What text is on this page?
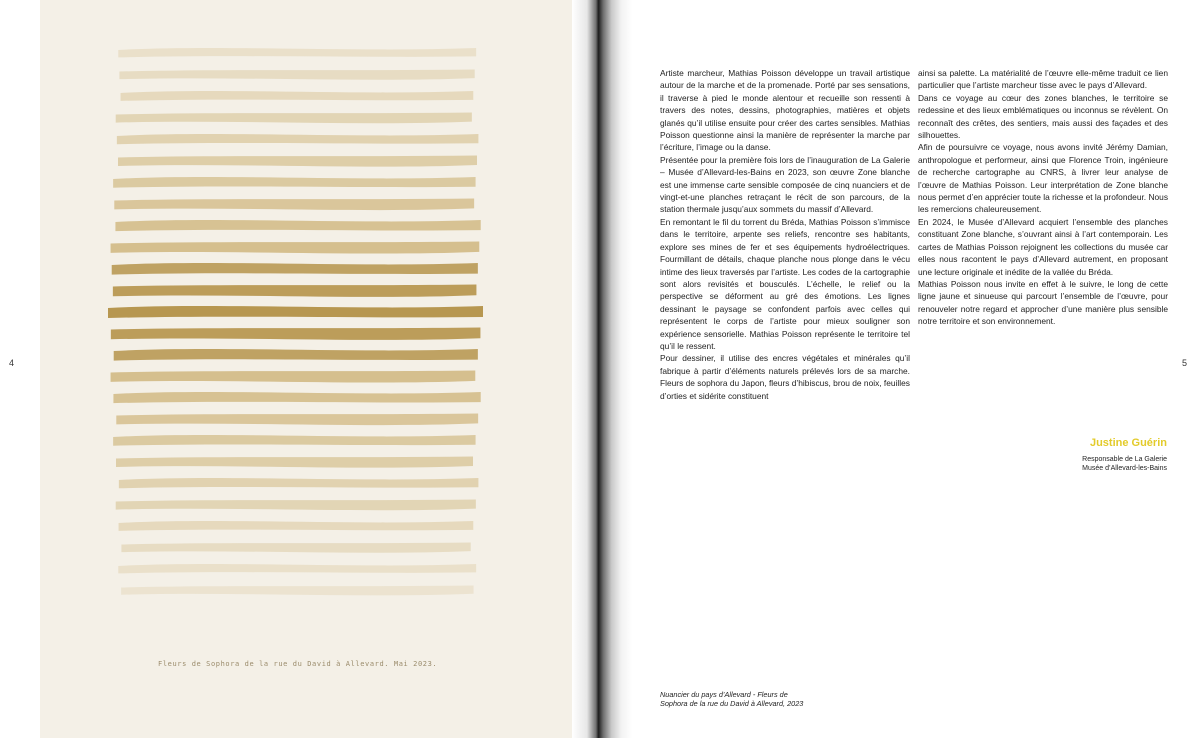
Fleurs de Sophora de la rue du David à Allevard. Mai 2023.
4

Artiste marcheur, Mathias Poisson développe un travail artistique autour de la marche et de la promenade. Porté par ses sensations, il traverse à pied le monde alentour et recueille son ressenti à travers des notes, dessins, photographies, matières et objets glanés qu’il utilise ensuite pour créer des cartes sensibles. Mathias Poisson questionne ainsi la manière de représenter la marche par l’écriture, l’image ou la danse.

Présentée pour la première fois lors de l’inauguration de La Galerie – Musée d’Allevard-les-Bains en 2023, son œuvre Zone blanche est une immense carte sensible composée de cinq nuanciers et de vingt-et-une planches retraçant le récit de son parcours, de la station thermale jusqu’aux sommets du massif d’Allevard.

En remontant le fil du torrent du Bréda, Mathias Poisson s’immisce dans le territoire, arpente ses reliefs, rencontre ses habitants, explore ses mines de fer et ses équipements hydroélectriques. Fourmillant de détails, chaque planche nous plonge dans le vécu intime des lieux traversés par l’artiste. Les codes de la cartographie sont alors revisités et bousculés. L’échelle, le relief ou la perspective se déforment au gré des émotions. Les lignes dessinant le paysage se confondent parfois avec celles qui représentent le corps de l’artiste pour mieux souligner son expérience sensorielle. Mathias Poisson représente le territoire tel qu’il le ressent.

Pour dessiner, il utilise des encres végétales et minérales qu’il fabrique à partir d’éléments naturels prélevés lors de sa marche. Fleurs de sophora du Japon, fleurs d’hibiscus, brou de noix, feuilles d’orties et sidérite constituent

ainsi sa palette. La matérialité de l’œuvre elle-même traduit ce lien particulier que l’artiste marcheur tisse avec le pays d’Allevard.

Dans ce voyage au cœur des zones blanches, le territoire se redessine et des lieux emblématiques ou inconnus se révèlent. On reconnaît des crêtes, des sentiers, mais aussi des façades et des silhouettes.

Afin de poursuivre ce voyage, nous avons invité Jérémy Damian, anthropologue et performeur, ainsi que Florence Troin, ingénieure de recherche cartographe au CNRS, à livrer leur analyse de l’œuvre de Mathias Poisson. Leur interprétation de Zone blanche nous permet d’en apprécier toute la richesse et la profondeur. Nous les remercions chaleureusement.

En 2024, le Musée d’Allevard acquiert l’ensemble des planches constituant Zone blanche, s’ouvrant ainsi à l’art contemporain. Les cartes de Mathias Poisson rejoignent les collections du musée car elles nous racontent le pays d’Allevard autrement, en proposant une lecture originale et inédite de la vallée du Bréda.

Mathias Poisson nous invite en effet à le suivre, le long de cette ligne jaune et sinueuse qui parcourt l’ensemble de l’œuvre, pour renouveler notre regard et approcher d’une manière plus sensible notre territoire et son environnement.

Justine Guérin
Responsable de La Galerie
Musée d’Allevard-les-Bains
5
Nuancier du pays d’Allevard - Fleurs de
Sophora de la rue du David à Allevard, 2023
